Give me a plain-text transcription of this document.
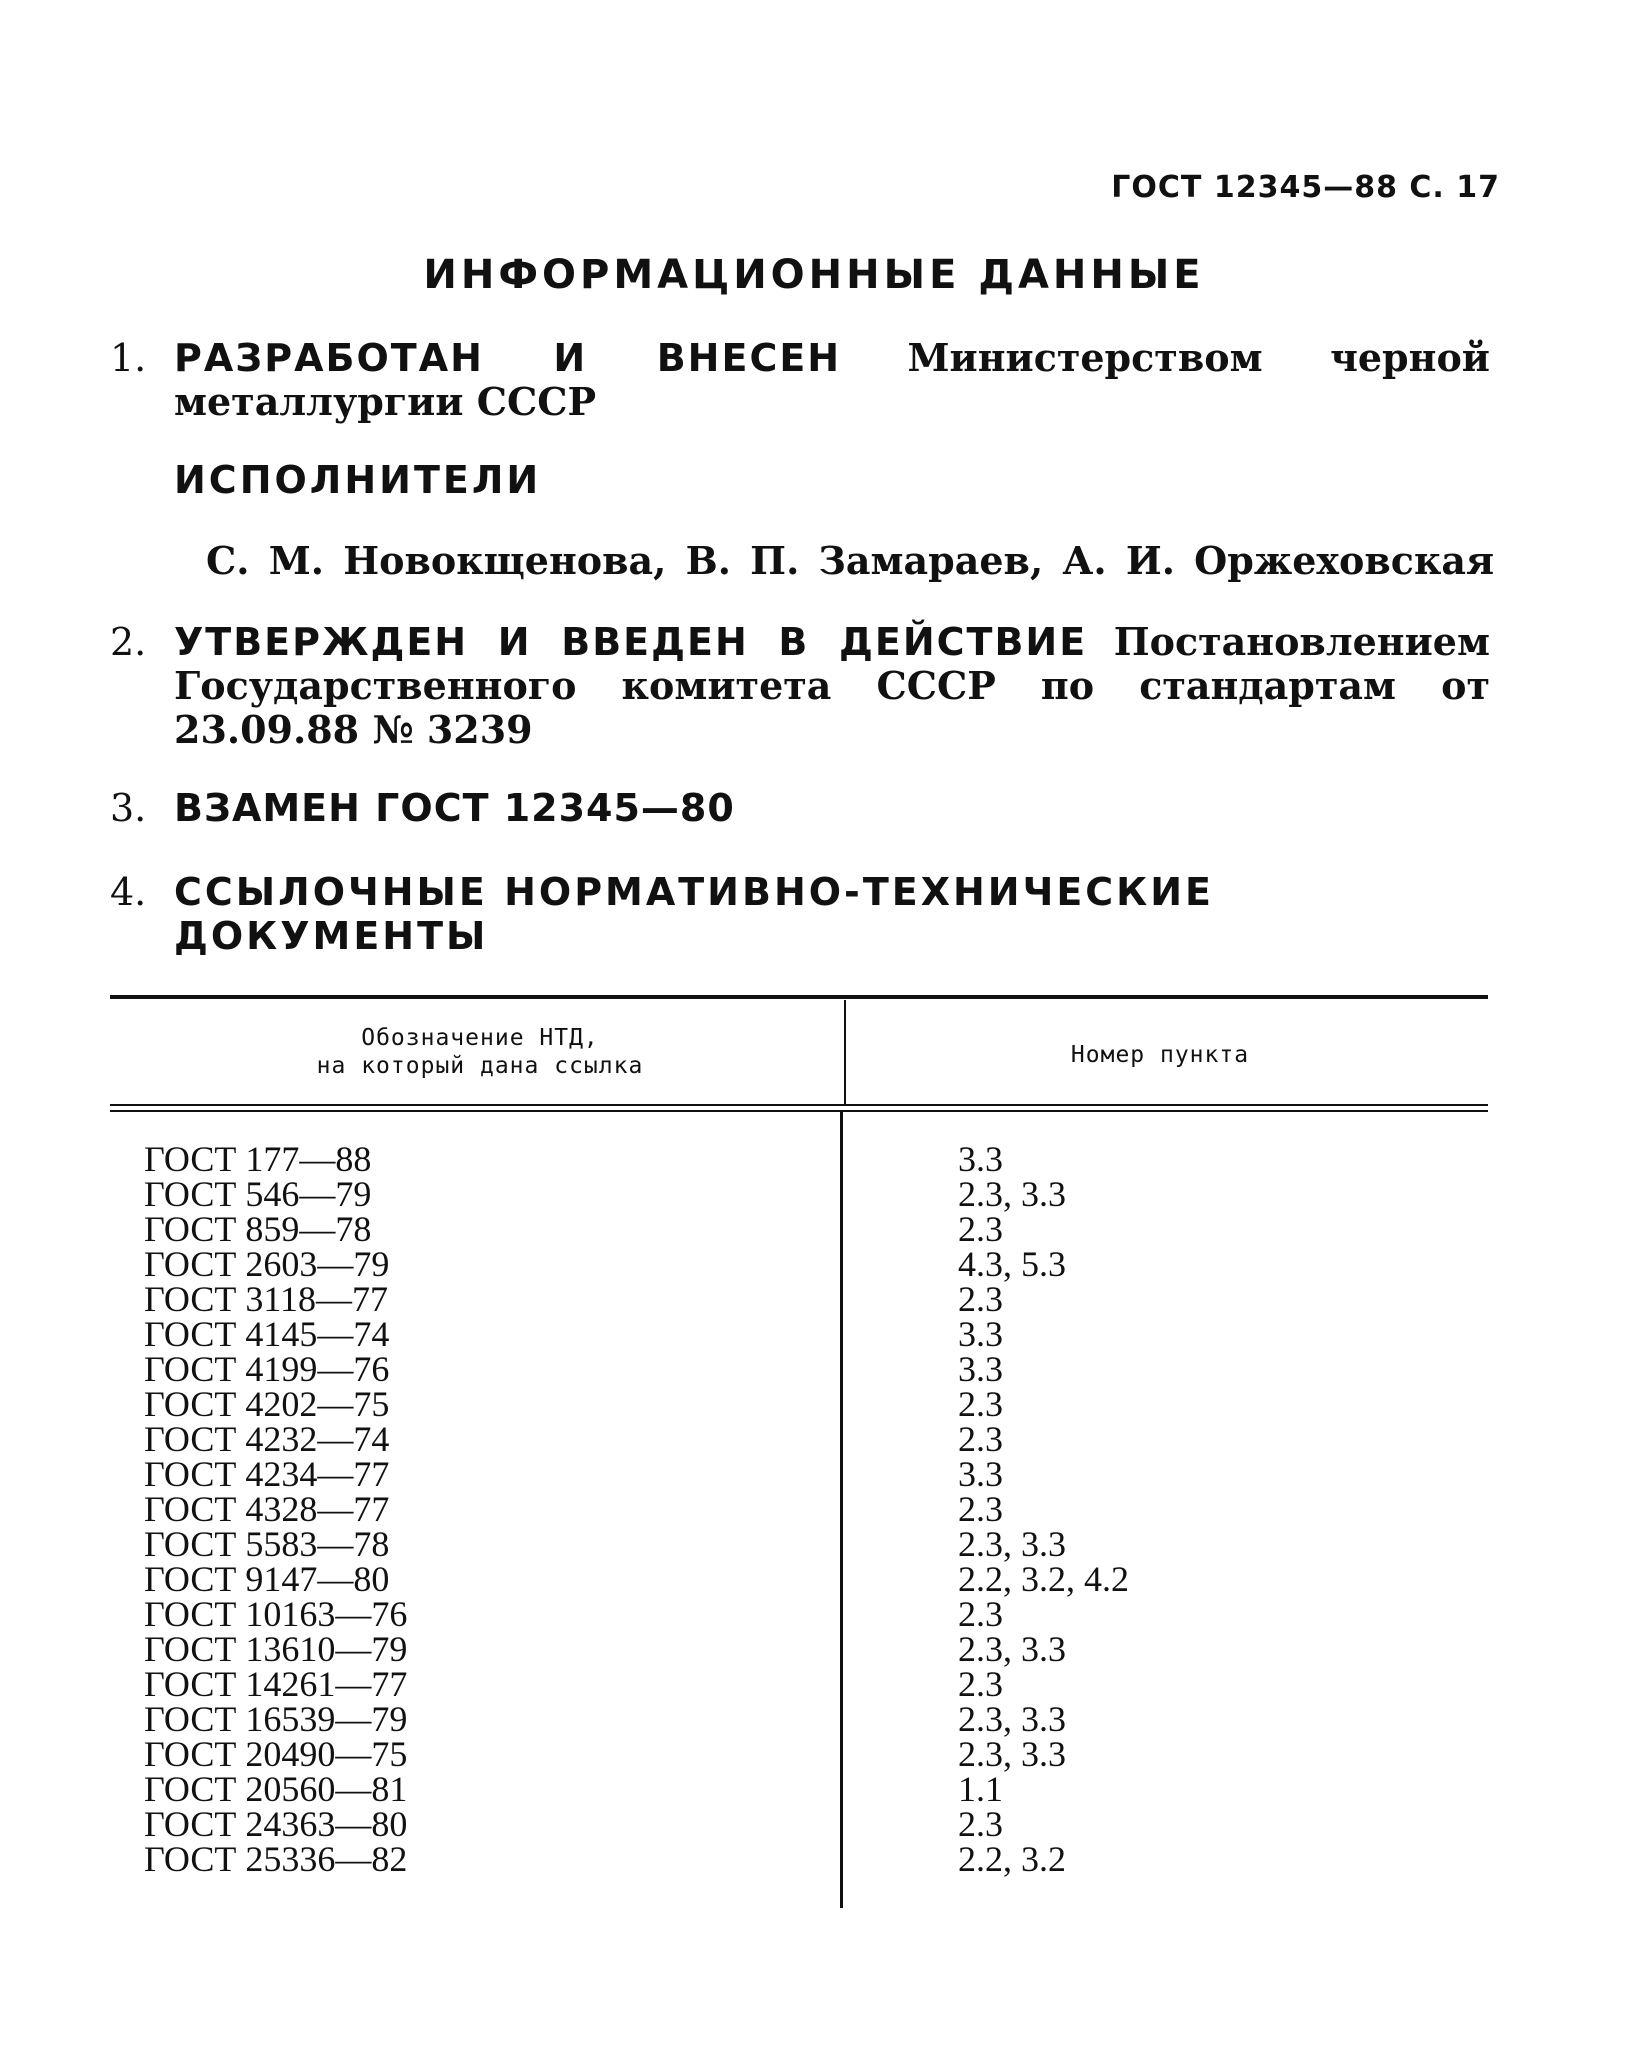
ГОСТ 12345—88 С. 17
ИНФОРМАЦИОННЫЕ ДАННЫЕ
1. РАЗРАБОТАН И ВНЕСЕН Министерством черной металлургии СССР
ИСПОЛНИТЕЛИ
С. М. Новокщенова, В. П. Замараев, А. И. Оржеховская
2. УТВЕРЖДЕН И ВВЕДЕН В ДЕЙСТВИЕ Постановлением Государственного комитета СССР по стандартам от 23.09.88 № 3239
3. ВЗАМЕН ГОСТ 12345—80
4. ССЫЛОЧНЫЕ НОРМАТИВНО-ТЕХНИЧЕСКИЕ ДОКУМЕНТЫ
Обозначение НТД,
на который дана ссылка	Номер пункта
ГОСТ 177—88
ГОСТ 546—79
ГОСТ 859—78
ГОСТ 2603—79
ГОСТ 3118—77
ГОСТ 4145—74
ГОСТ 4199—76
ГОСТ 4202—75
ГОСТ 4232—74
ГОСТ 4234—77
ГОСТ 4328—77
ГОСТ 5583—78
ГОСТ 9147—80
ГОСТ 10163—76
ГОСТ 13610—79
ГОСТ 14261—77
ГОСТ 16539—79
ГОСТ 20490—75
ГОСТ 20560—81
ГОСТ 24363—80
ГОСТ 25336—82
3.3
2.3, 3.3
2.3
4.3, 5.3
2.3
3.3
3.3
2.3
2.3
3.3
2.3
2.3, 3.3
2.2, 3.2, 4.2
2.3
2.3, 3.3
2.3
2.3, 3.3
2.3, 3.3
1.1
2.3
2.2, 3.2
